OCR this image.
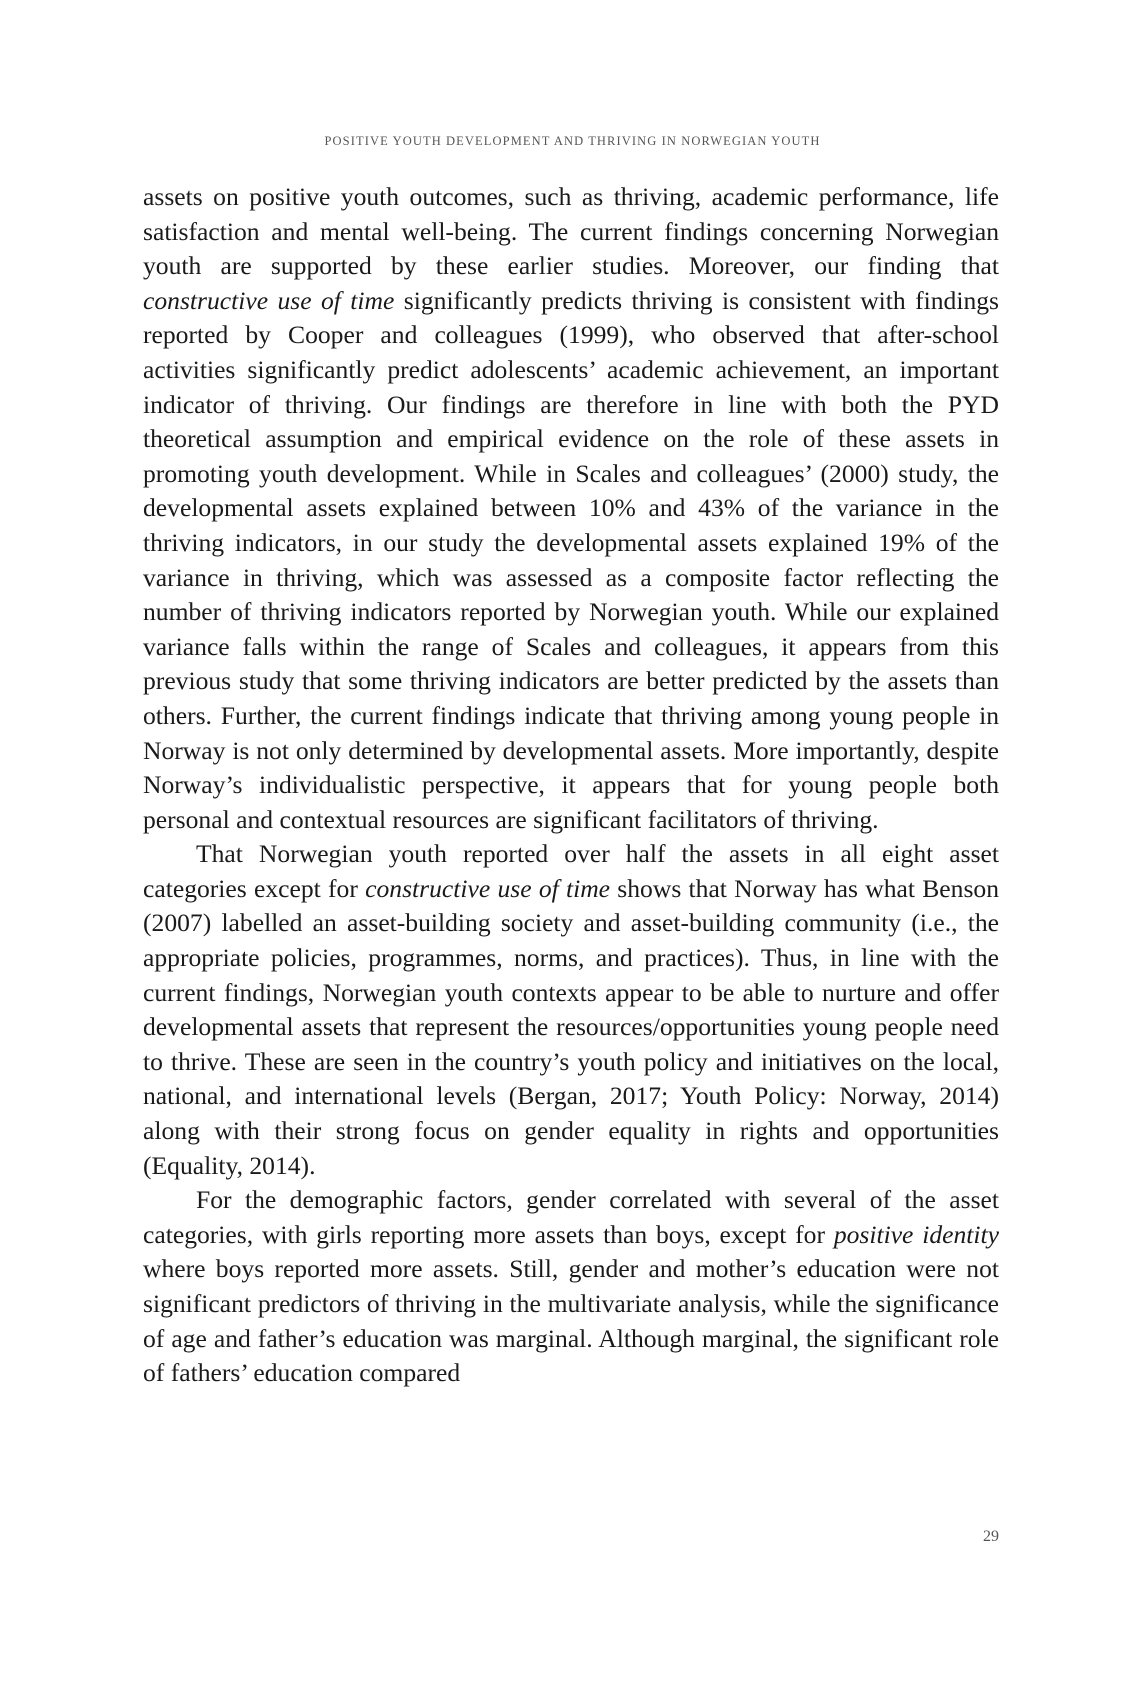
POSITIVE YOUTH DEVELOPMENT AND THRIVING IN NORWEGIAN YOUTH

assets on positive youth outcomes, such as thriving, academic performance, life satisfaction and mental well-being. The current findings concerning Norwegian youth are supported by these earlier studies. Moreover, our finding that constructive use of time significantly predicts thriving is consistent with findings reported by Cooper and colleagues (1999), who observed that after-school activities significantly predict adolescents’ academic achievement, an important indicator of thriving. Our findings are therefore in line with both the PYD theoretical assumption and empirical evidence on the role of these assets in promoting youth development. While in Scales and colleagues’ (2000) study, the developmental assets explained between 10% and 43% of the variance in the thriving indicators, in our study the developmental assets explained 19% of the variance in thriving, which was assessed as a composite factor reflecting the number of thriving indicators reported by Norwegian youth. While our explained variance falls within the range of Scales and colleagues, it appears from this previous study that some thriving indicators are better predicted by the assets than others. Further, the current findings indicate that thriving among young people in Norway is not only determined by developmental assets. More importantly, despite Norway’s individualistic perspective, it appears that for young people both personal and contextual resources are significant facilitators of thriving.

That Norwegian youth reported over half the assets in all eight asset categories except for constructive use of time shows that Norway has what Benson (2007) labelled an asset-building society and asset-building community (i.e., the appropriate policies, programmes, norms, and practices). Thus, in line with the current findings, Norwegian youth contexts appear to be able to nurture and offer developmental assets that represent the resources/opportunities young people need to thrive. These are seen in the country’s youth policy and initiatives on the local, national, and international levels (Bergan, 2017; Youth Policy: Norway, 2014) along with their strong focus on gender equality in rights and opportunities (Equality, 2014).

For the demographic factors, gender correlated with several of the asset categories, with girls reporting more assets than boys, except for positive identity where boys reported more assets. Still, gender and mother’s education were not significant predictors of thriving in the multivariate analysis, while the significance of age and father’s education was marginal. Although marginal, the significant role of fathers’ education compared

29
